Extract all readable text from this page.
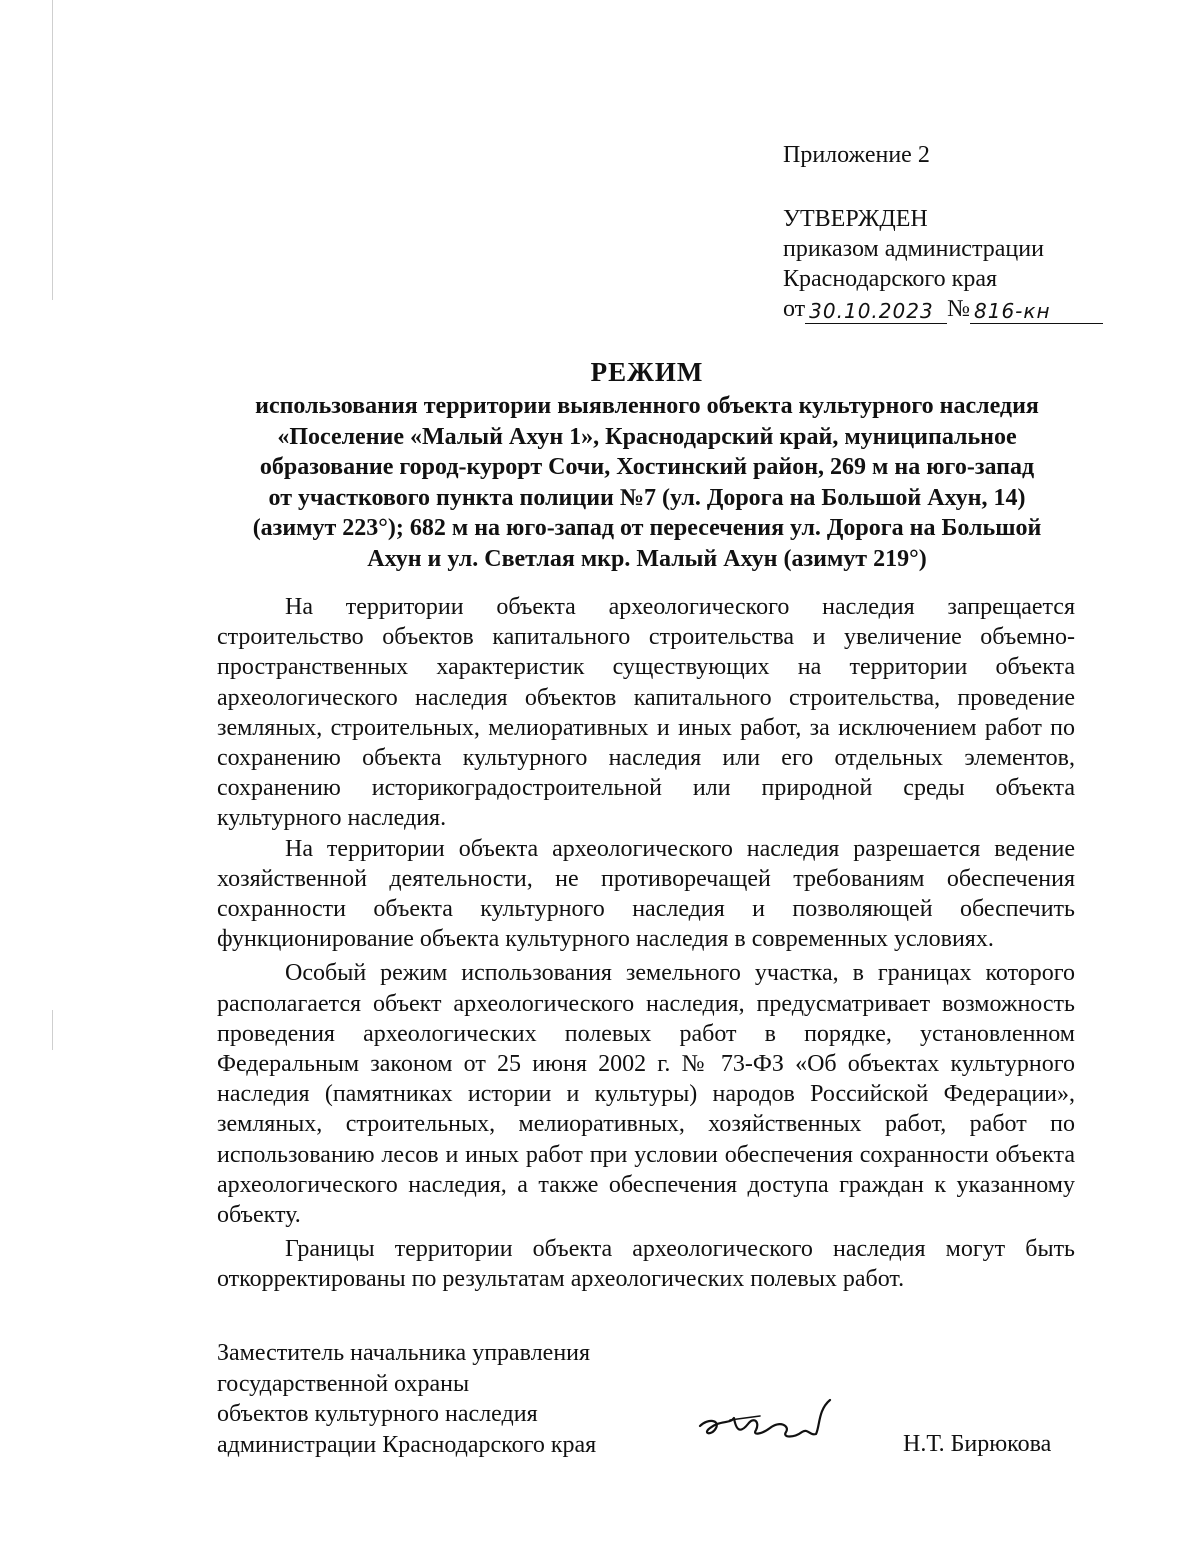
Приложение 2
УТВЕРЖДЕН
приказом администрации
Краснодарского края
от 30.10.2023 № 816-кн
РЕЖИМ
использования территории выявленного объекта культурного наследия
«Поселение «Малый Ахун 1», Краснодарский край, муниципальное
образование город-курорт Сочи, Хостинский район, 269 м на юго-запад
от участкового пункта полиции №7 (ул. Дорога на Большой Ахун, 14)
(азимут 223°); 682 м на юго-запад от пересечения ул. Дорога на Большой
Ахун и ул. Светлая мкр. Малый Ахун (азимут 219°)

На территории объекта археологического наследия запрещается строительство объектов капитального строительства и увеличение объемно-пространственных характеристик существующих на территории объекта археологического наследия объектов капитального строительства, проведение земляных, строительных, мелиоративных и иных работ, за исключением работ по сохранению объекта культурного наследия или его отдельных элементов, сохранению историкоградостроительной или природной среды объекта культурного наследия.

На территории объекта археологического наследия разрешается ведение хозяйственной деятельности, не противоречащей требованиям обеспечения сохранности объекта культурного наследия и позволяющей обеспечить функционирование объекта культурного наследия в современных условиях.

Особый режим использования земельного участка, в границах которого располагается объект археологического наследия, предусматривает возможность проведения археологических полевых работ в порядке, установленном Федеральным законом от 25 июня 2002 г. № 73-ФЗ «Об объектах культурного наследия (памятниках истории и культуры) народов Российской Федерации», земляных, строительных, мелиоративных, хозяйственных работ, работ по использованию лесов и иных работ при условии обеспечения сохранности объекта археологического наследия, а также обеспечения доступа граждан к указанному объекту.

Границы территории объекта археологического наследия могут быть откорректированы по результатам археологических полевых работ.

Заместитель начальника управления
государственной охраны
объектов культурного наследия
администрации Краснодарского края	Н.Т. Бирюкова
